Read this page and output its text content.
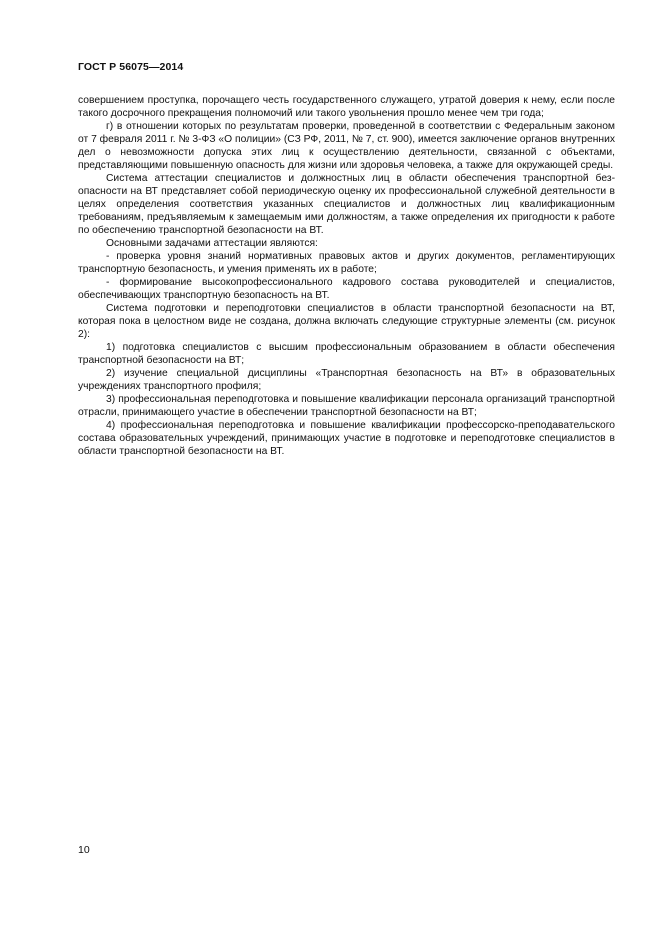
ГОСТ Р 56075—2014

совершением проступка, порочащего честь государственного служащего, утратой доверия к нему, если после такого досрочного прекращения полномочий или такого увольнения прошло менее чем три года;

г) в отношении которых по результатам проверки, проведенной в соответствии с Федеральным законом от 7 февраля 2011 г. № 3-ФЗ «О полиции» (СЗ РФ, 2011, № 7, ст. 900), имеется заключение органов внутренних дел о невозможности допуска этих лиц к осуществлению деятельности, связанной с объектами, представляющими повышенную опасность для жизни или здоровья человека, а также для окружающей среды.

Система аттестации специалистов и должностных лиц в области обеспечения транспортной безопасности на ВТ представляет собой периодическую оценку их профессиональной служебной деятельности в целях определения соответствия указанных специалистов и должностных лиц квалификационным требованиям, предъявляемым к замещаемым ими должностям, а также определения их пригодности к работе по обеспечению транспортной безопасности на ВТ.

Основными задачами аттестации являются:

- проверка уровня знаний нормативных правовых актов и других документов, регламентирующих транспортную безопасность, и умения применять их в работе;

- формирование высокопрофессионального кадрового состава руководителей и специалистов, обеспечивающих транспортную безопасность на ВТ.

Система подготовки и переподготовки специалистов в области транспортной безопасности на ВТ, которая пока в целостном виде не создана, должна включать следующие структурные элементы (см. рисунок 2):

1) подготовка специалистов с высшим профессиональным образованием в области обеспечения транспортной безопасности на ВТ;

2) изучение специальной дисциплины «Транспортная безопасность на ВТ» в образовательных учреждениях транспортного профиля;

3) профессиональная переподготовка и повышение квалификации персонала организаций транспортной отрасли, принимающего участие в обеспечении транспортной безопасности на ВТ;

4) профессиональная переподготовка и повышение квалификации профессорско-преподавательского состава образовательных учреждений, принимающих участие в подготовке и переподготовке специалистов в области транспортной безопасности на ВТ.

10
